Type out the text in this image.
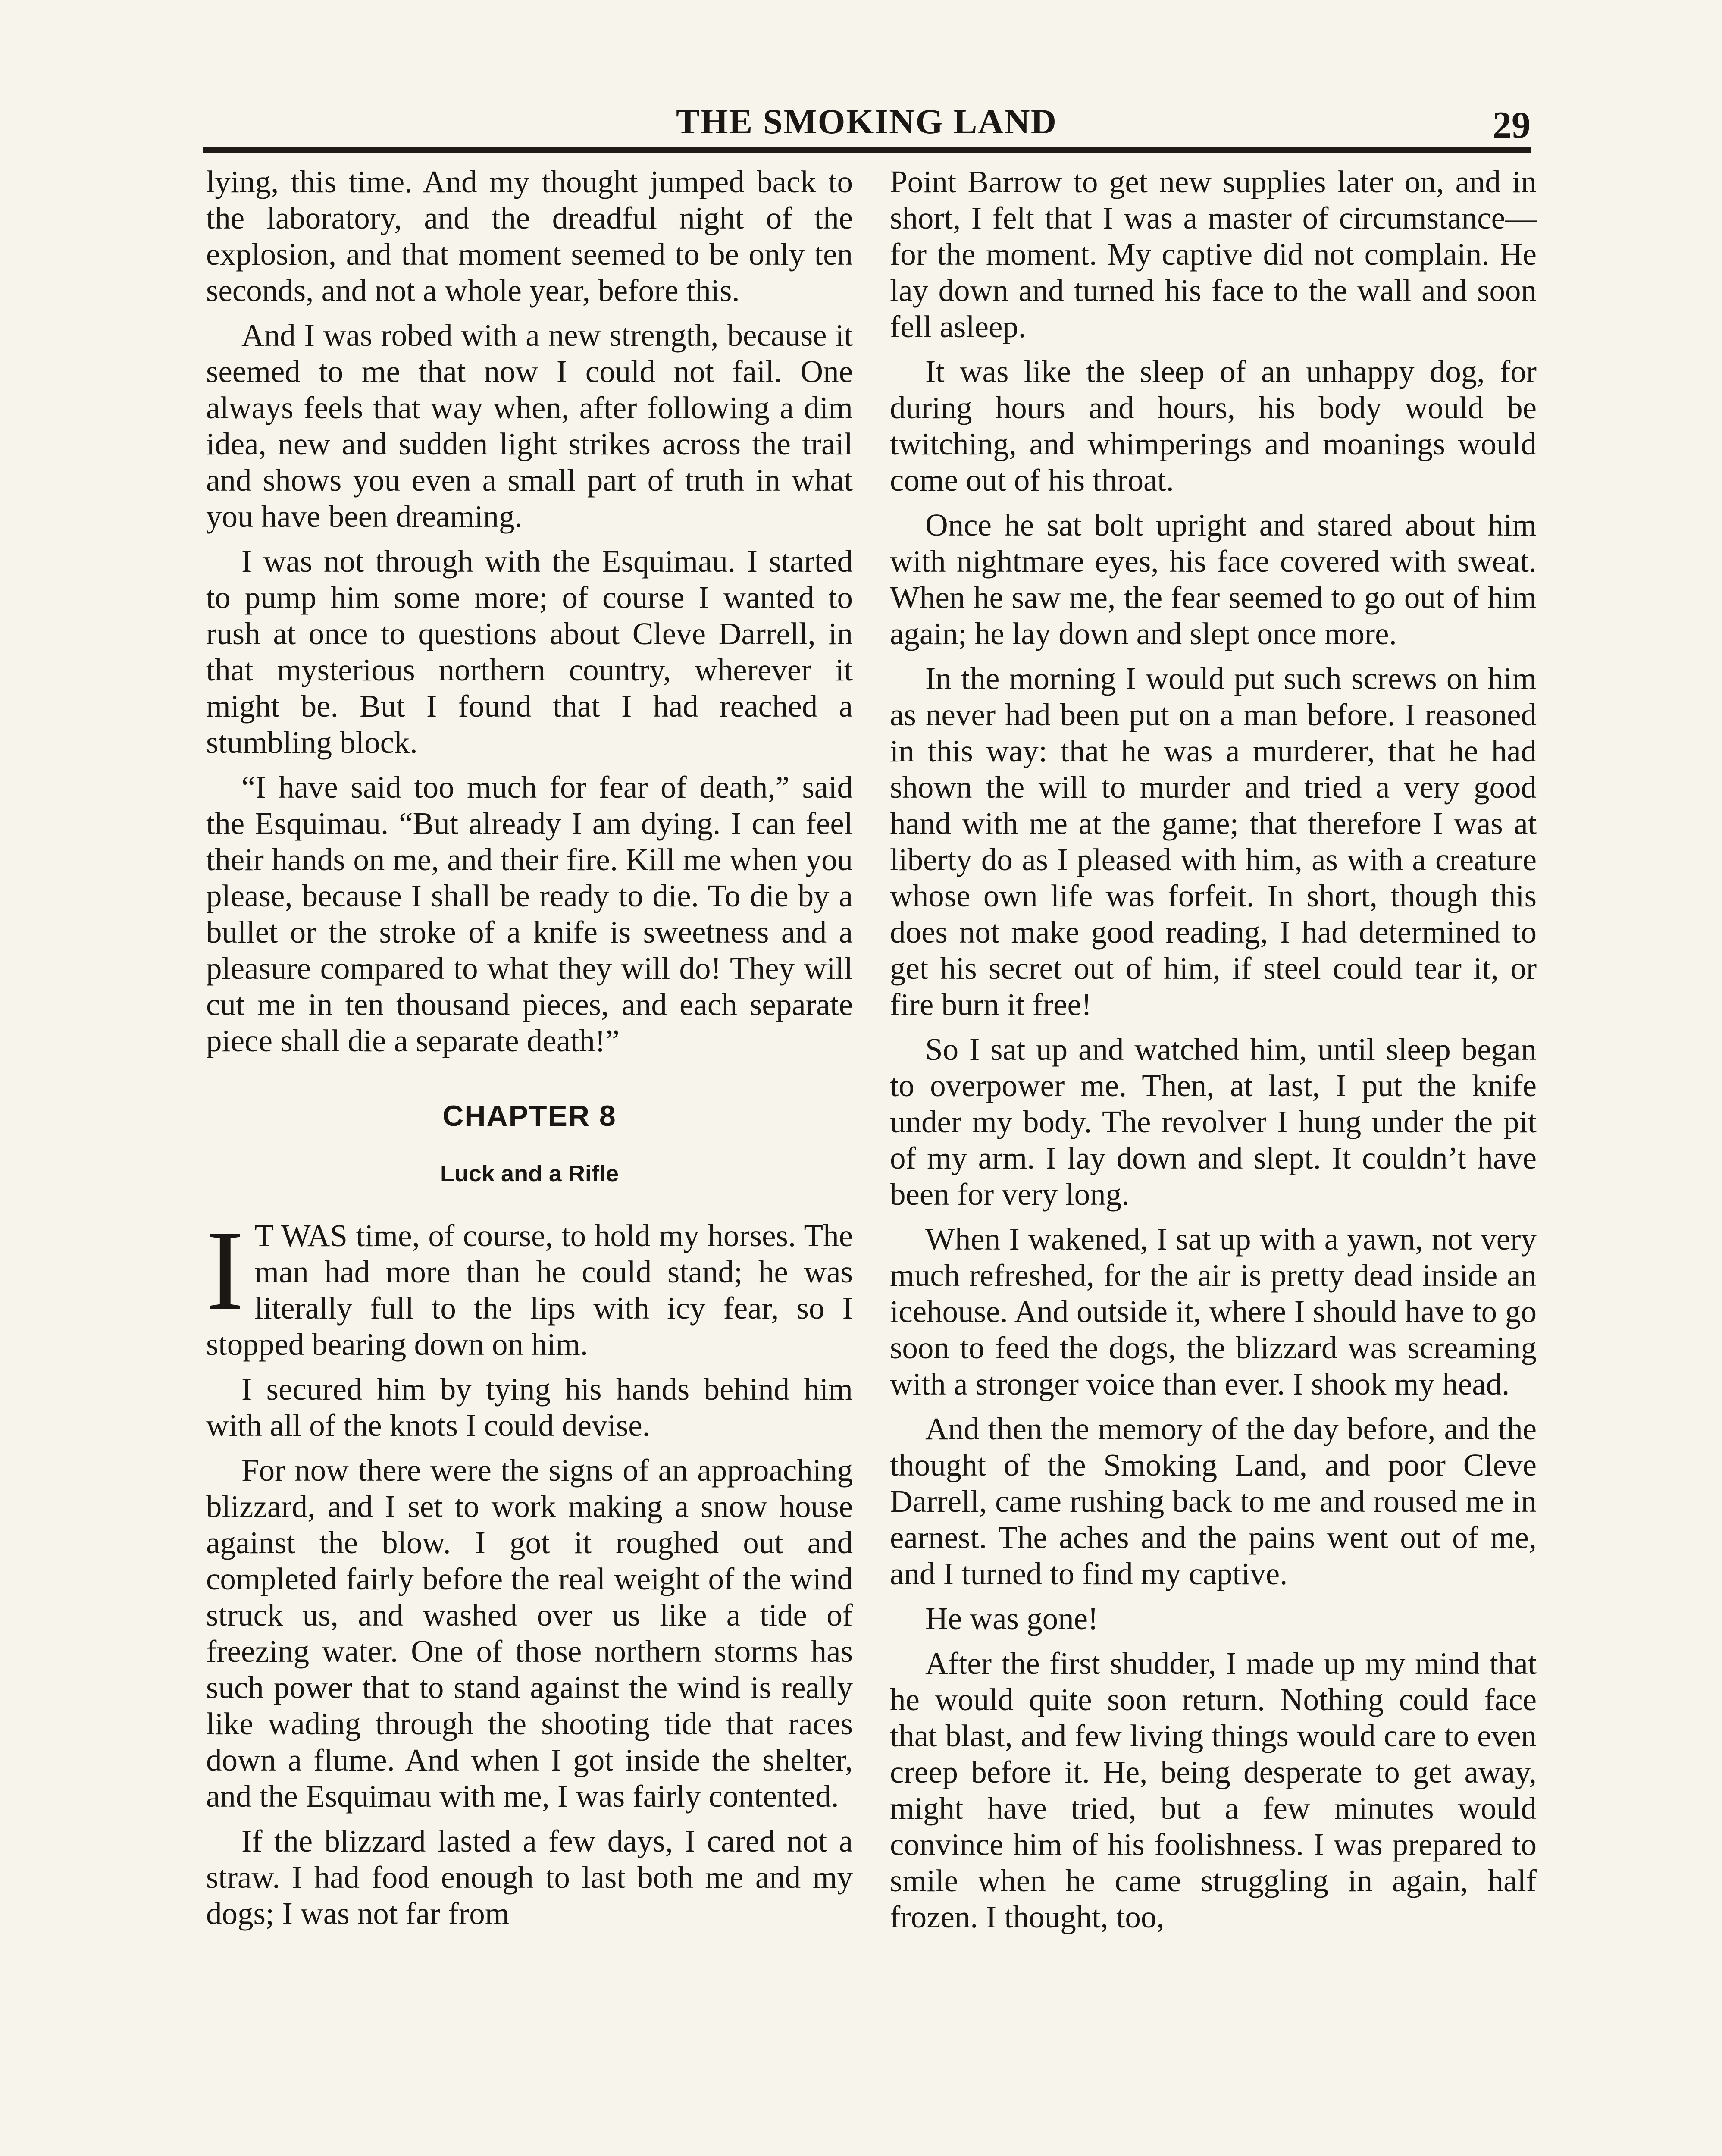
THE SMOKING LAND	29

lying, this time. And my thought jumped back to the laboratory, and the dreadful night of the explosion, and that moment seemed to be only ten seconds, and not a whole year, before this.

And I was robed with a new strength, because it seemed to me that now I could not fail. One always feels that way when, after following a dim idea, new and sudden light strikes across the trail and shows you even a small part of truth in what you have been dreaming.

I was not through with the Esquimau. I started to pump him some more; of course I wanted to rush at once to questions about Cleve Darrell, in that mysterious northern country, wherever it might be. But I found that I had reached a stumbling block.

“I have said too much for fear of death,” said the Esquimau. “But already I am dying. I can feel their hands on me, and their fire. Kill me when you please, because I shall be ready to die. To die by a bullet or the stroke of a knife is sweetness and a pleasure compared to what they will do! They will cut me in ten thousand pieces, and each separate piece shall die a separate death!”

CHAPTER 8
Luck and a Rifle

I T WAS time, of course, to hold my horses. The man had more than he could stand; he was literally full to the lips with icy fear, so I stopped bearing down on him.

I secured him by tying his hands behind him with all of the knots I could devise.

For now there were the signs of an approaching blizzard, and I set to work making a snow house against the blow. I got it roughed out and completed fairly before the real weight of the wind struck us, and washed over us like a tide of freezing water. One of those northern storms has such power that to stand against the wind is really like wading through the shooting tide that races down a flume. And when I got inside the shelter, and the Esquimau with me, I was fairly contented.

If the blizzard lasted a few days, I cared not a straw. I had food enough to last both me and my dogs; I was not far from

Point Barrow to get new supplies later on, and in short, I felt that I was a master of circumstance—for the moment. My captive did not complain. He lay down and turned his face to the wall and soon fell asleep.

It was like the sleep of an unhappy dog, for during hours and hours, his body would be twitching, and whimperings and moanings would come out of his throat.

Once he sat bolt upright and stared about him with nightmare eyes, his face covered with sweat. When he saw me, the fear seemed to go out of him again; he lay down and slept once more.

In the morning I would put such screws on him as never had been put on a man before. I reasoned in this way: that he was a murderer, that he had shown the will to murder and tried a very good hand with me at the game; that therefore I was at liberty do as I pleased with him, as with a creature whose own life was forfeit. In short, though this does not make good reading, I had determined to get his secret out of him, if steel could tear it, or fire burn it free!

So I sat up and watched him, until sleep began to overpower me. Then, at last, I put the knife under my body. The revolver I hung under the pit of my arm. I lay down and slept. It couldn’t have been for very long.

When I wakened, I sat up with a yawn, not very much refreshed, for the air is pretty dead inside an icehouse. And outside it, where I should have to go soon to feed the dogs, the blizzard was screaming with a stronger voice than ever. I shook my head.

And then the memory of the day before, and the thought of the Smoking Land, and poor Cleve Darrell, came rushing back to me and roused me in earnest. The aches and the pains went out of me, and I turned to find my captive.

He was gone!

After the first shudder, I made up my mind that he would quite soon return. Nothing could face that blast, and few living things would care to even creep before it. He, being desperate to get away, might have tried, but a few minutes would convince him of his foolishness. I was prepared to smile when he came struggling in again, half frozen. I thought, too,
